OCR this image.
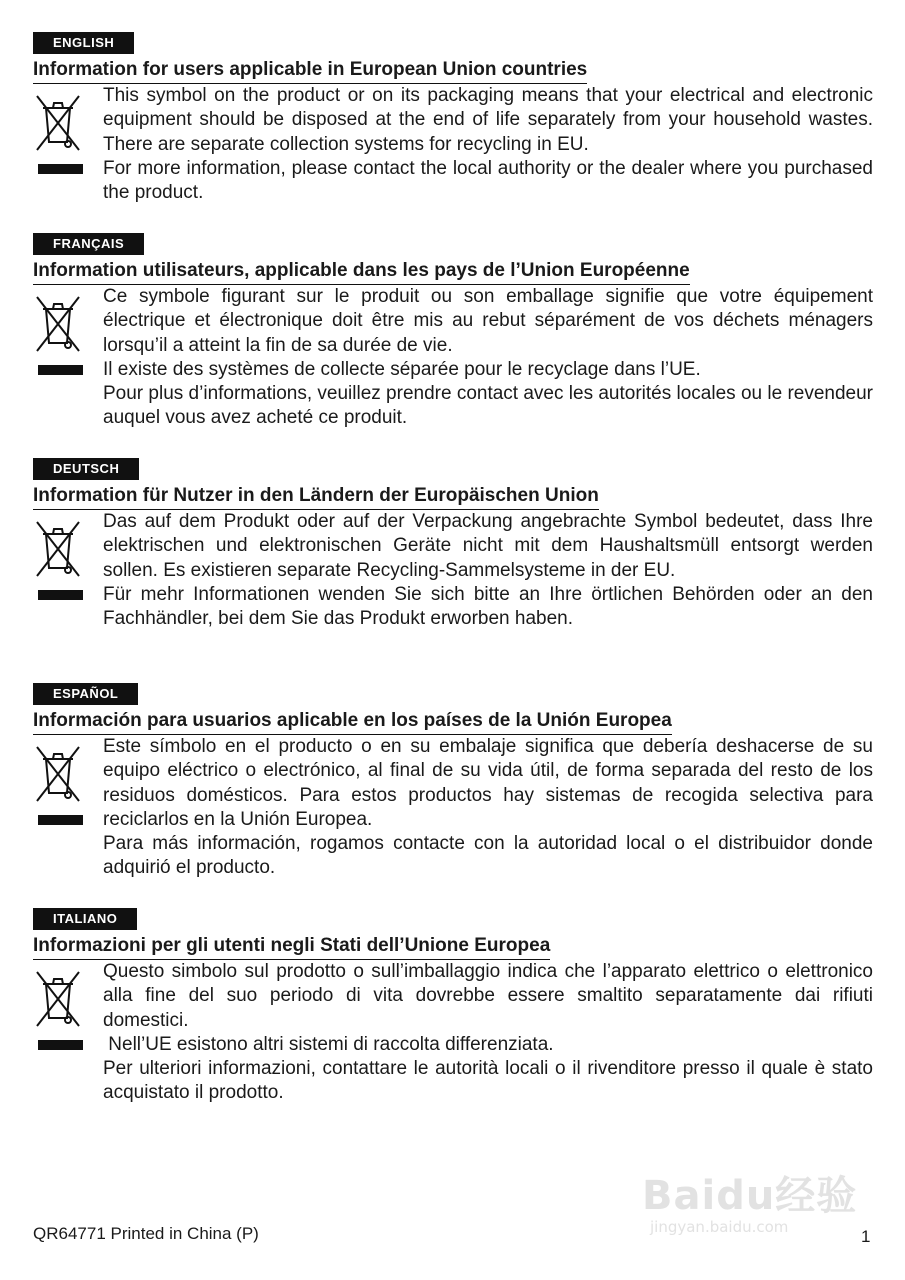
ENGLISH
Information for users applicable in European Union countries

This symbol on the product or on its packaging means that your electrical and electronic equipment should be disposed at the end of life separately from your household wastes. There are separate collection systems for recycling in EU.

For more information, please contact the local authority or the dealer where you purchased the product.

FRANÇAIS
Information utilisateurs, applicable dans les pays de l’Union Européenne

Ce symbole figurant sur le produit ou son emballage signifie que votre équipement électrique et électronique doit être mis au rebut séparément de vos déchets ménagers lorsqu’il a atteint la fin de sa durée de vie.

Il existe des systèmes de collecte séparée pour le recyclage dans l’UE.

Pour plus d’informations, veuillez prendre contact avec les autorités locales ou le revendeur auquel vous avez acheté ce produit.

DEUTSCH
Information für Nutzer in den Ländern der Europäischen Union

Das auf dem Produkt oder auf der Verpackung angebrachte Symbol bedeutet, dass Ihre elektrischen und elektronischen Geräte nicht mit dem Haushaltsmüll entsorgt werden sollen. Es existieren separate Recycling-Sammelsysteme in der EU.

Für mehr Informationen wenden Sie sich bitte an Ihre örtlichen Behörden oder an den Fachhändler, bei dem Sie das Produkt erworben haben.

ESPAÑOL
Información para usuarios aplicable en los países de la Unión Europea

Este símbolo en el producto o en su embalaje significa que debería deshacerse de su equipo eléctrico o electrónico, al final de su vida útil, de forma separada del resto de los residuos domésticos. Para estos productos hay sistemas de recogida selectiva para reciclarlos en la Unión Europea.

Para más información, rogamos contacte con la autoridad local o el distribuidor donde adquirió el producto.

ITALIANO
Informazioni per gli utenti negli Stati dell’Unione Europea

Questo simbolo sul prodotto o sull’imballaggio indica che l’apparato elettrico o elettronico alla fine del suo periodo di vita dovrebbe essere smaltito separatamente dai rifiuti domestici.

Nell’UE esistono altri sistemi di raccolta differenziata.

Per ulteriori informazioni, contattare le autorità locali o il rivenditore presso il quale è stato acquistato il prodotto.

Baidu经验
jingyan.baidu.com
QR64771 Printed in China (P)	1
